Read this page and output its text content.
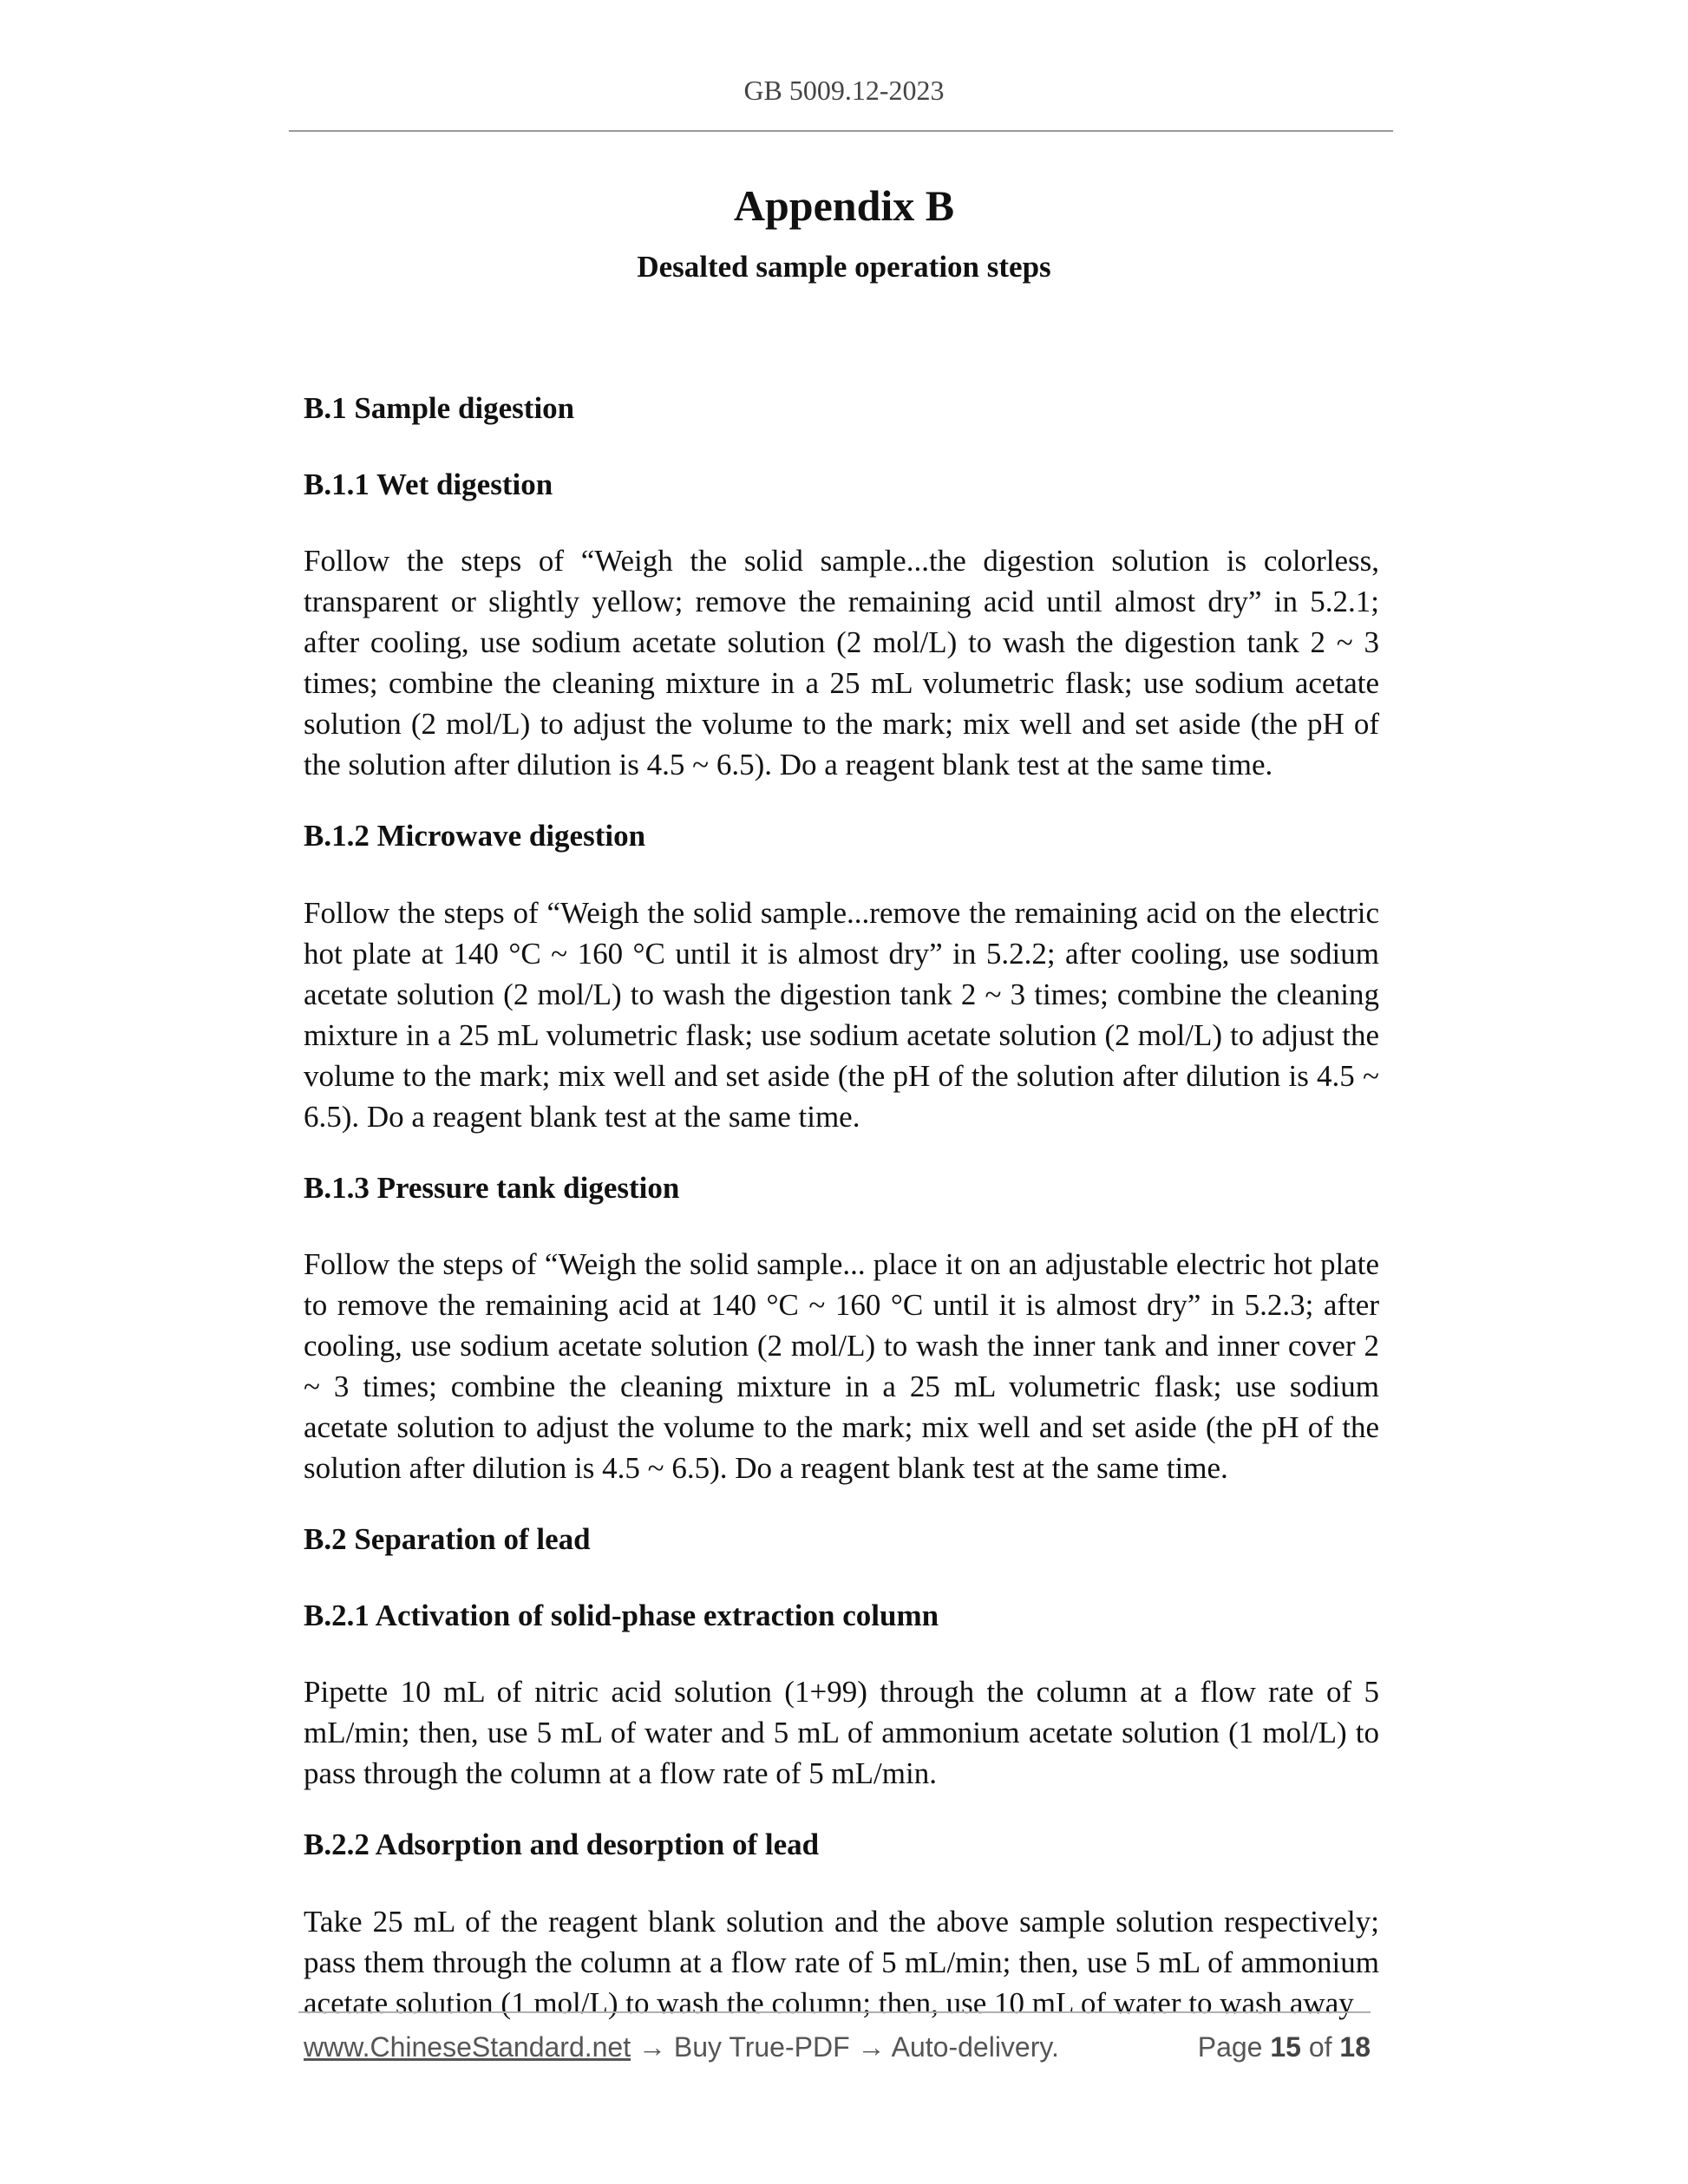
GB 5009.12-2023
Appendix B
Desalted sample operation steps
B.1 Sample digestion
B.1.1 Wet digestion

Follow the steps of “Weigh the solid sample...the digestion solution is colorless, transparent or slightly yellow; remove the remaining acid until almost dry” in 5.2.1; after cooling, use sodium acetate solution (2 mol/L) to wash the digestion tank 2 ~ 3 times; combine the cleaning mixture in a 25 mL volumetric flask; use sodium acetate solution (2 mol/L) to adjust the volume to the mark; mix well and set aside (the pH of the solution after dilution is 4.5 ~ 6.5). Do a reagent blank test at the same time.

B.1.2 Microwave digestion

Follow the steps of “Weigh the solid sample...remove the remaining acid on the electric hot plate at 140 °C ~ 160 °C until it is almost dry” in 5.2.2; after cooling, use sodium acetate solution (2 mol/L) to wash the digestion tank 2 ~ 3 times; combine the cleaning mixture in a 25 mL volumetric flask; use sodium acetate solution (2 mol/L) to adjust the volume to the mark; mix well and set aside (the pH of the solution after dilution is 4.5 ~ 6.5). Do a reagent blank test at the same time.

B.1.3 Pressure tank digestion

Follow the steps of “Weigh the solid sample... place it on an adjustable electric hot plate to remove the remaining acid at 140 °C ~ 160 °C until it is almost dry” in 5.2.3; after cooling, use sodium acetate solution (2 mol/L) to wash the inner tank and inner cover 2 ~ 3 times; combine the cleaning mixture in a 25 mL volumetric flask; use sodium acetate solution to adjust the volume to the mark; mix well and set aside (the pH of the solution after dilution is 4.5 ~ 6.5). Do a reagent blank test at the same time.

B.2 Separation of lead
B.2.1 Activation of solid-phase extraction column

Pipette 10 mL of nitric acid solution (1+99) through the column at a flow rate of 5 mL/min; then, use 5 mL of water and 5 mL of ammonium acetate solution (1 mol/L) to pass through the column at a flow rate of 5 mL/min.

B.2.2 Adsorption and desorption of lead

Take 25 mL of the reagent blank solution and the above sample solution respectively; pass them through the column at a flow rate of 5 mL/min; then, use 5 mL of ammonium acetate solution (1 mol/L) to wash the column; then, use 10 mL of water to wash away

www.ChineseStandard.net → Buy True-PDF → Auto-delivery.	Page 15 of 18
